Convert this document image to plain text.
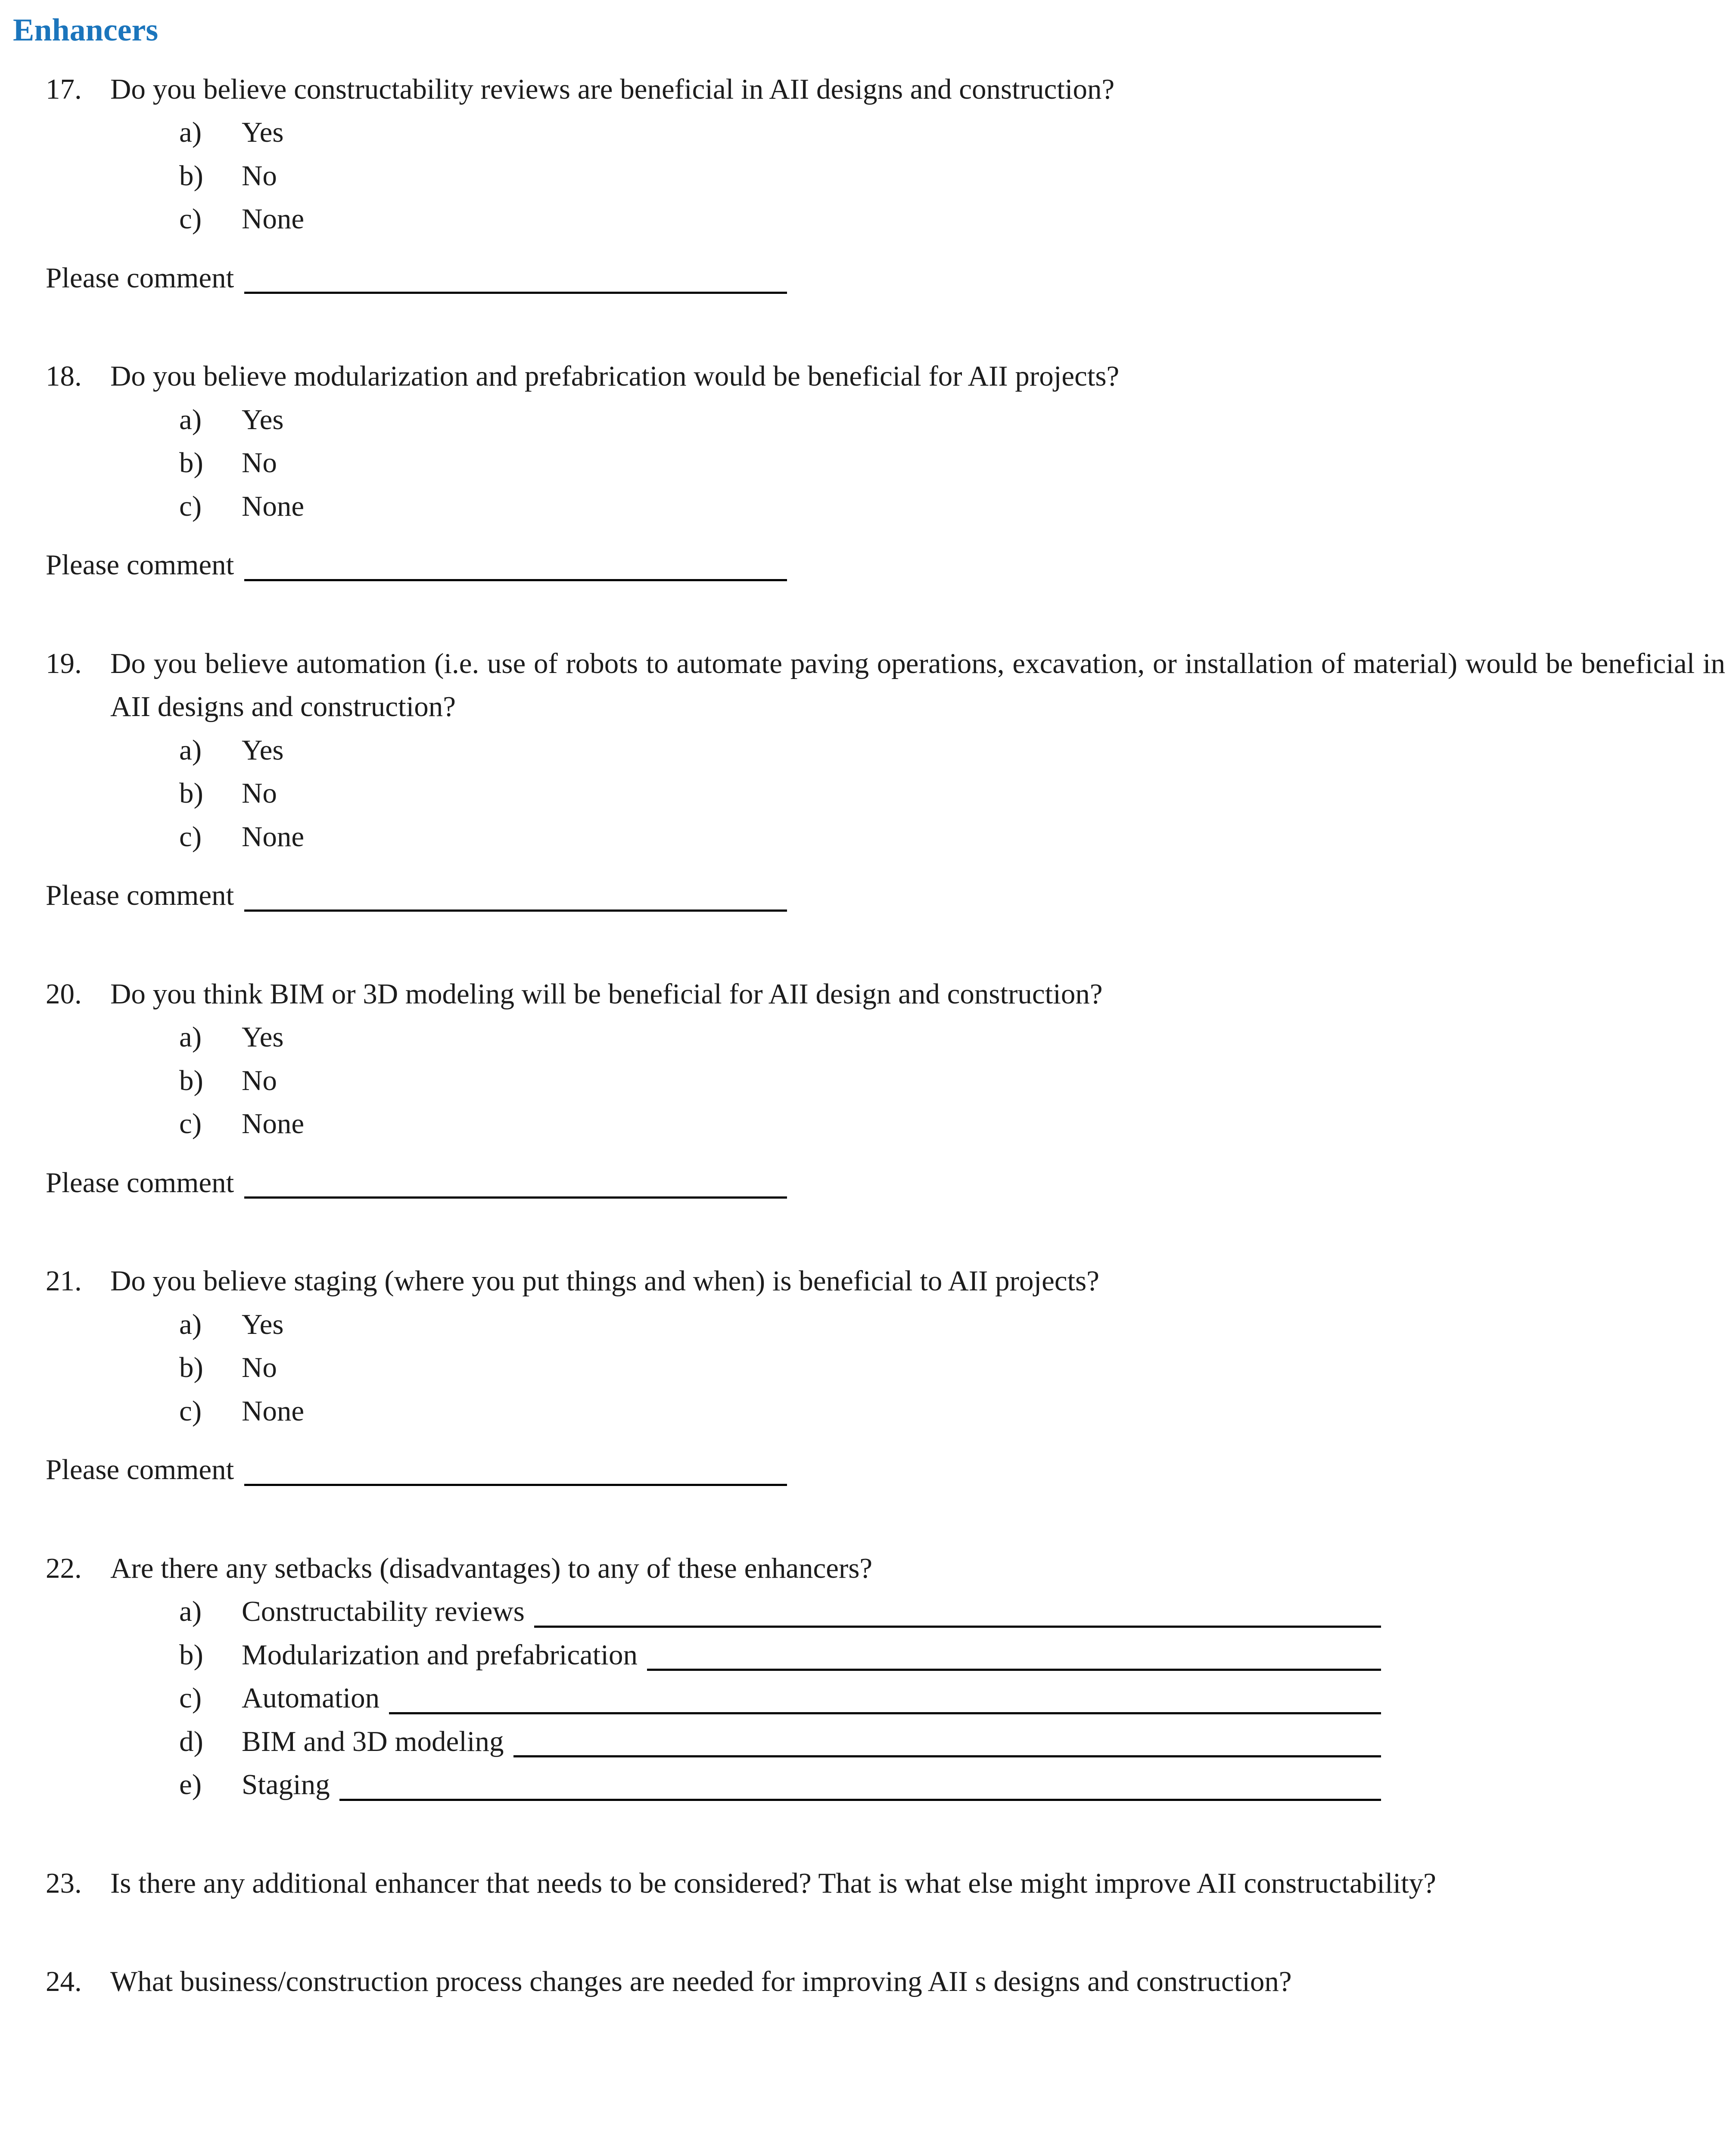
Enhancers
17. Do you believe constructability reviews are beneficial in AII designs and construction?

a)	Yes
b)	No
c)	None
Please comment
18. Do you believe modularization and prefabrication would be beneficial for AII projects?

a)	Yes
b)	No
c)	None
Please comment
19. Do you believe automation (i.e. use of robots to automate paving operations, excavation, or installation of material) would be beneficial in AII designs and construction?

a)	Yes
b)	No
c)	None
Please comment
20. Do you think BIM or 3D modeling will be beneficial for AII design and construction?

a)	Yes
b)	No
c)	None
Please comment
21. Do you believe staging (where you put things and when) is beneficial to AII projects?

a)	Yes
b)	No
c)	None
Please comment
22. Are there any setbacks (disadvantages) to any of these enhancers?

a)	Constructability reviews
b)	Modularization and prefabrication
c)	Automation
d)	BIM and 3D modeling
e)	Staging
23. Is there any additional enhancer that needs to be considered? That is what else might improve AII constructability?

24. What business/construction process changes are needed for improving AII s designs and construction?
